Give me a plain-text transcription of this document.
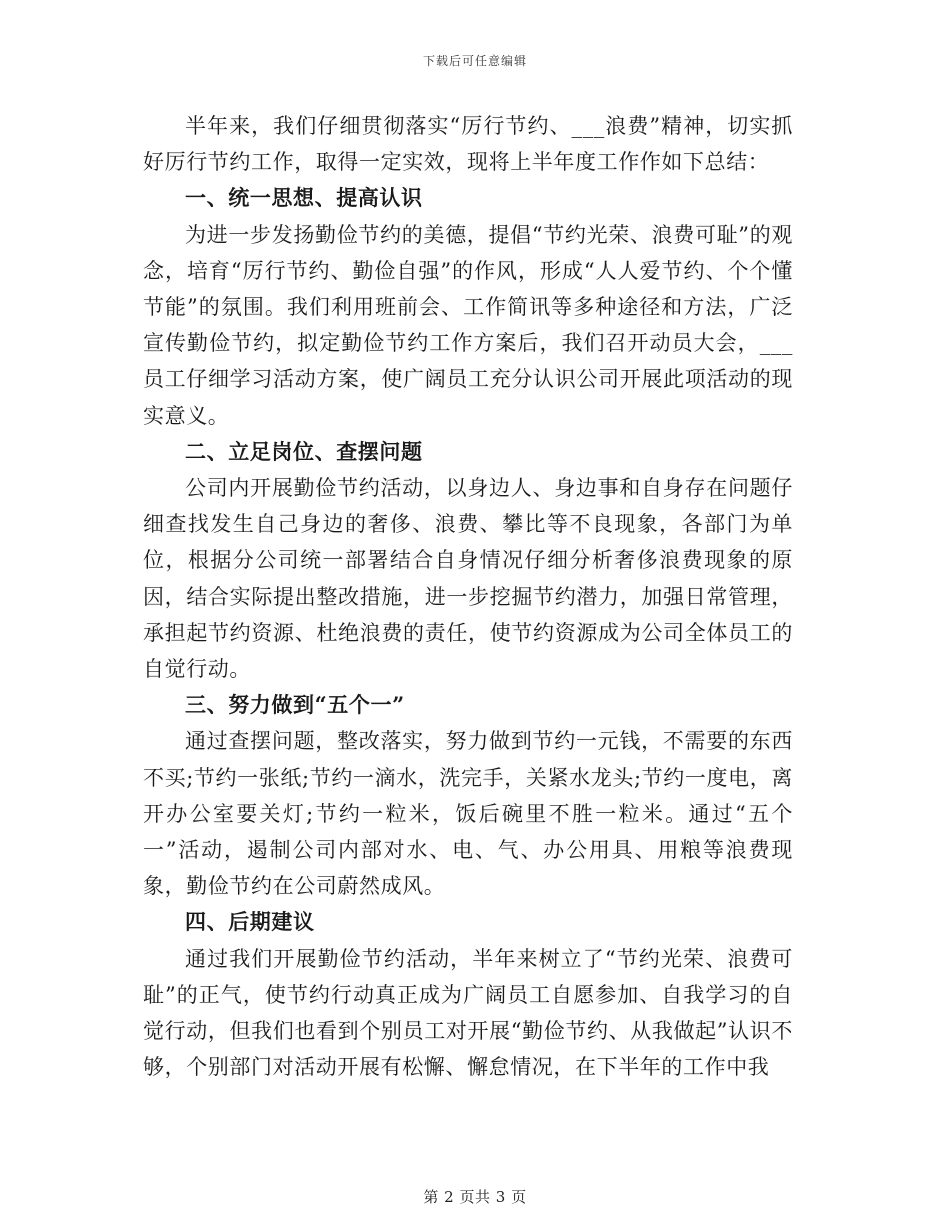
下载后可任意编辑

半年来，我们仔细贯彻落实“厉行节约、___浪费”精神，切实抓好厉行节约工作，取得一定实效，现将上半年度工作作如下总结：

一、统一思想、提高认识

为进一步发扬勤俭节约的美德，提倡“节约光荣、浪费可耻”的观念，培育“厉行节约、勤俭自强”的作风，形成“人人爱节约、个个懂节能”的氛围。我们利用班前会、工作简讯等多种途径和方法，广泛宣传勤俭节约，拟定勤俭节约工作方案后，我们召开动员大会，___员工仔细学习活动方案，使广阔员工充分认识公司开展此项活动的现实意义。

二、立足岗位、查摆问题

公司内开展勤俭节约活动，以身边人、身边事和自身存在问题仔细查找发生自己身边的奢侈、浪费、攀比等不良现象，各部门为单位，根据分公司统一部署结合自身情况仔细分析奢侈浪费现象的原因，结合实际提出整改措施，进一步挖掘节约潜力，加强日常管理，承担起节约资源、杜绝浪费的责任，使节约资源成为公司全体员工的自觉行动。

三、努力做到“五个一”

通过查摆问题，整改落实，努力做到节约一元钱，不需要的东西不买;节约一张纸;节约一滴水，洗完手，关紧水龙头;节约一度电，离开办公室要关灯;节约一粒米，饭后碗里不胜一粒米。通过“五个一”活动，遏制公司内部对水、电、气、办公用具、用粮等浪费现象，勤俭节约在公司蔚然成风。

四、后期建议

通过我们开展勤俭节约活动，半年来树立了“节约光荣、浪费可耻”的正气，使节约行动真正成为广阔员工自愿参加、自我学习的自觉行动，但我们也看到个别员工对开展“勤俭节约、从我做起”认识不够，个别部门对活动开展有松懈、懈怠情况，在下半年的工作中我

第 2 页共 3 页
